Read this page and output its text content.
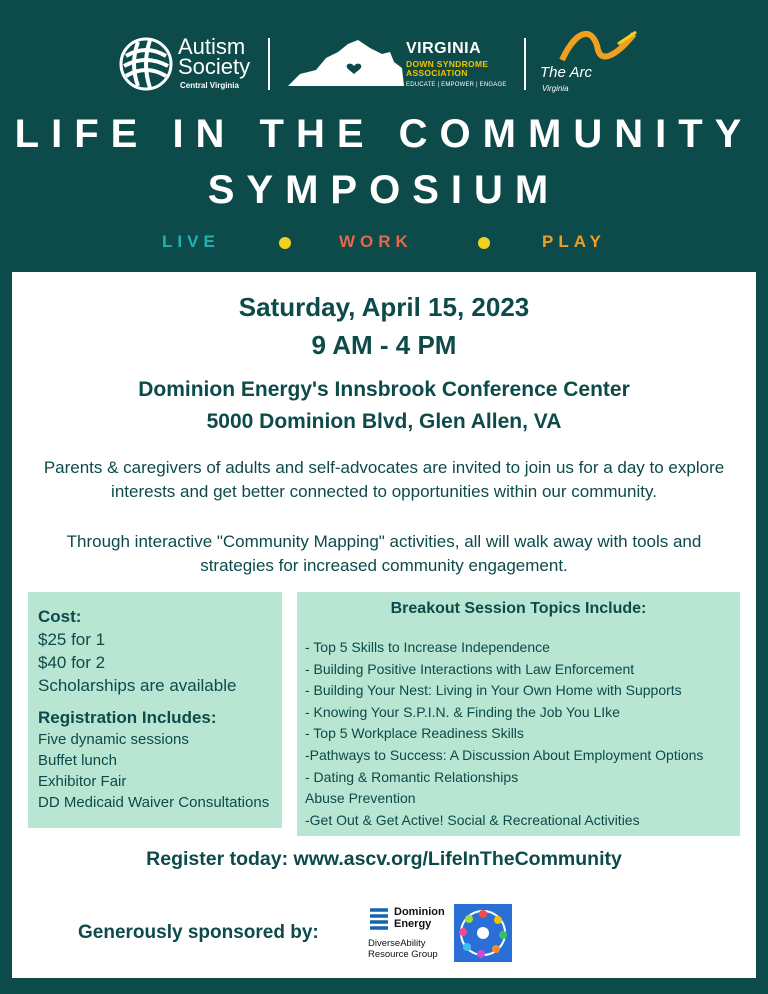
Autism
Society
Central Virginia
VIRGINIA
DOWN SYNDROME ASSOCIATION
EDUCATE | EMPOWER | ENGAGE
The Arc
Virginia
LIFE IN THE COMMUNITY
SYMPOSIUM
LIVE	WORK	PLAY
Saturday, April 15, 2023
9 AM - 4 PM
Dominion Energy's Innsbrook Conference Center
5000 Dominion Blvd, Glen Allen, VA
Parents & caregivers of adults and self-advocates are invited to join us for a day to explore interests and get better connected to opportunities within our community.
Through interactive "Community Mapping" activities, all will walk away with tools and strategies for increased community engagement.
Cost:
$25 for 1
$40 for 2
Scholarships are available
Registration Includes:
Five dynamic sessions
Buffet lunch
Exhibitor Fair
DD Medicaid Waiver Consultations
Breakout Session Topics Include:
- Top 5 Skills to Increase Independence
- Building Positive Interactions with Law Enforcement
- Building Your Nest: Living in Your Own Home with Supports
- Knowing Your S.P.I.N. & Finding the Job You LIke
- Top 5 Workplace Readiness Skills
-Pathways to Success: A Discussion About Employment Options
- Dating & Romantic Relationships
Abuse Prevention
-Get Out & Get Active! Social & Recreational Activities
Register today: www.ascv.org/LifeInTheCommunity
Generously sponsored by:
Dominion Energy
DiverseAbility Resource Group
